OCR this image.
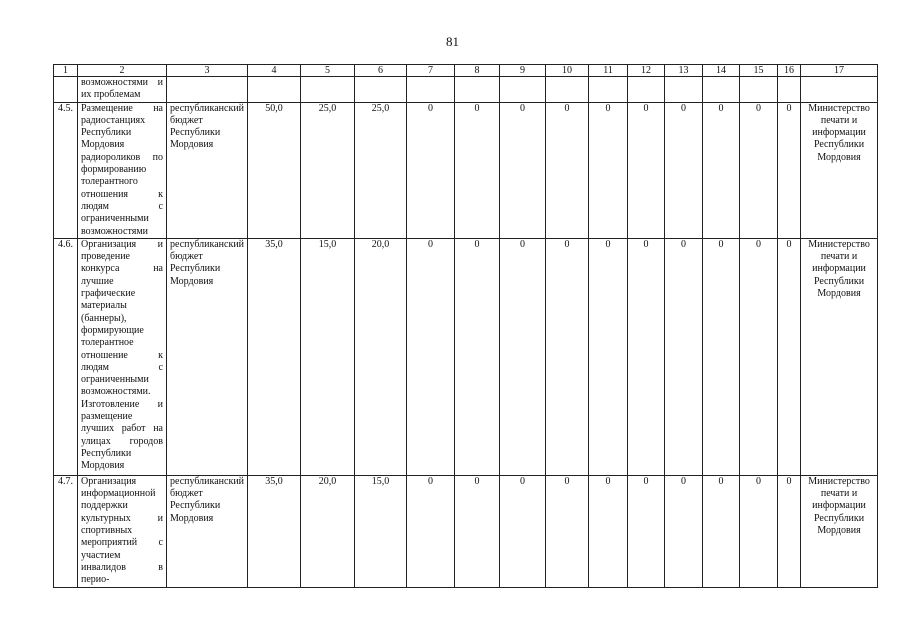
81
1	2	3	4	5	6	7	8	9	10	11	12	13	14	15	16	17
	возможностями и их проблемам															
4.5.	Размещение на радиостанциях Республики Мордовия радиороликов по формированию толерантного отношения к людям с ограниченными возможностями	республиканский бюджет Республики Мордовия	50,0	25,0	25,0	0	0	0	0	0	0	0	0	0	0	Министерство печати и информации Республики Мордовия
4.6.	Организация и проведение конкурса на лучшие графические материалы (баннеры), формирующие толерантное отношение к людям с ограниченными возможностями. Изготовление и размещение лучших работ на улицах городов Республики Мордовия	республиканский бюджет Республики Мордовия	35,0	15,0	20,0	0	0	0	0	0	0	0	0	0	0	Министерство печати и информации Республики Мордовия
4.7.	Организация информационной поддержки культурных и спортивных мероприятий с участием инвалидов в перио-	республиканский бюджет Республики Мордовия	35,0	20,0	15,0	0	0	0	0	0	0	0	0	0	0	Министерство печати и информации Республики Мордовия
